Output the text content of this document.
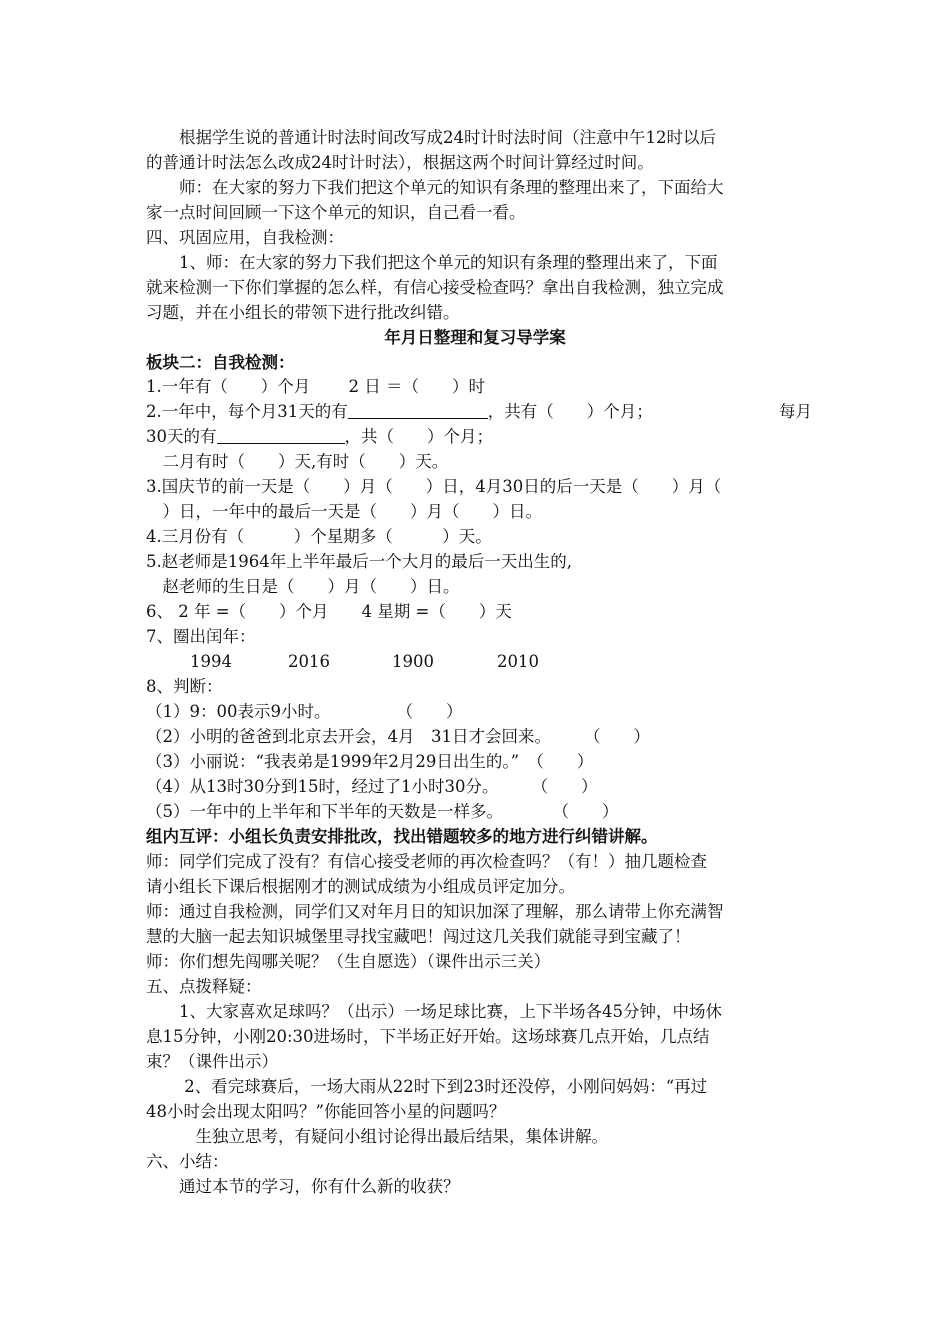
　　根据学生说的普通计时法时间改写成24时计时法时间（注意中午12时以后
的普通计时法怎么改成24时计时法），根据这两个时间计算经过时间。
　　师：在大家的努力下我们把这个单元的知识有条理的整理出来了，下面给大
家一点时间回顾一下这个单元的知识，自己看一看。
四、巩固应用，自我检测：
　　1、师：在大家的努力下我们把这个单元的知识有条理的整理出来了，下面
就来检测一下你们掌握的怎么样，有信心接受检查吗？拿出自我检测，独立完成
习题，并在小组长的带领下进行批改纠错。
年月日整理和复习导学案
板块二：自我检测：
1.一年有（　　）个月　　 2 日 ＝（　　）时
2.一年中，每个月31天的有	，共有（　　）个月；	每月
30天的有	，共（　　）个月；
　二月有时（　　）天,有时（　　）天。
3.国庆节的前一天是（　　）月（　　）日，4月30日的后一天是（　　）月（
　）日，一年中的最后一天是（　　）月（　　）日。
4.三月份有（　　　）个星期多（　　　）天。
5.赵老师是1964年上半年最后一个大月的最后一天出生的,
　赵老师的生日是（　　）月（　　）日。
6、 2 年 =（　　）个月　　4 星期 =（　　）天
7、圈出闰年：
1994	2016	1900	2010
8、判断：
（1）9：00表示9小时。　　　　　（　　）
（2）小明的爸爸到北京去开会，4月　31日才会回来。　　　（　　）
（3）小丽说：“我表弟是1999年2月29日出生的。”　（　　）
（4）从13时30分到15时，经过了1小时30分。　　　（　　）
（5）一年中的上半年和下半年的天数是一样多。　　　　（　　）
组内互评：小组长负责安排批改，找出错题较多的地方进行纠错讲解。
师：同学们完成了没有？有信心接受老师的再次检查吗？（有！）抽几题检查
请小组长下课后根据刚才的测试成绩为小组成员评定加分。
师：通过自我检测，同学们又对年月日的知识加深了理解，那么请带上你充满智
慧的大脑一起去知识城堡里寻找宝藏吧！闯过这几关我们就能寻到宝藏了！
师：你们想先闯哪关呢？（生自愿选）（课件出示三关）
五、点拨释疑：
　　1、大家喜欢足球吗？（出示）一场足球比赛，上下半场各45分钟，中场休
息15分钟，小刚20:30进场时，下半场正好开始。这场球赛几点开始，几点结
束？（课件出示）
　　 2、看完球赛后，一场大雨从22时下到23时还没停，小刚问妈妈：“再过
48小时会出现太阳吗？”你能回答小星的问题吗？
　　　生独立思考，有疑问小组讨论得出最后结果，集体讲解。
六、小结：
　　通过本节的学习，你有什么新的收获？
